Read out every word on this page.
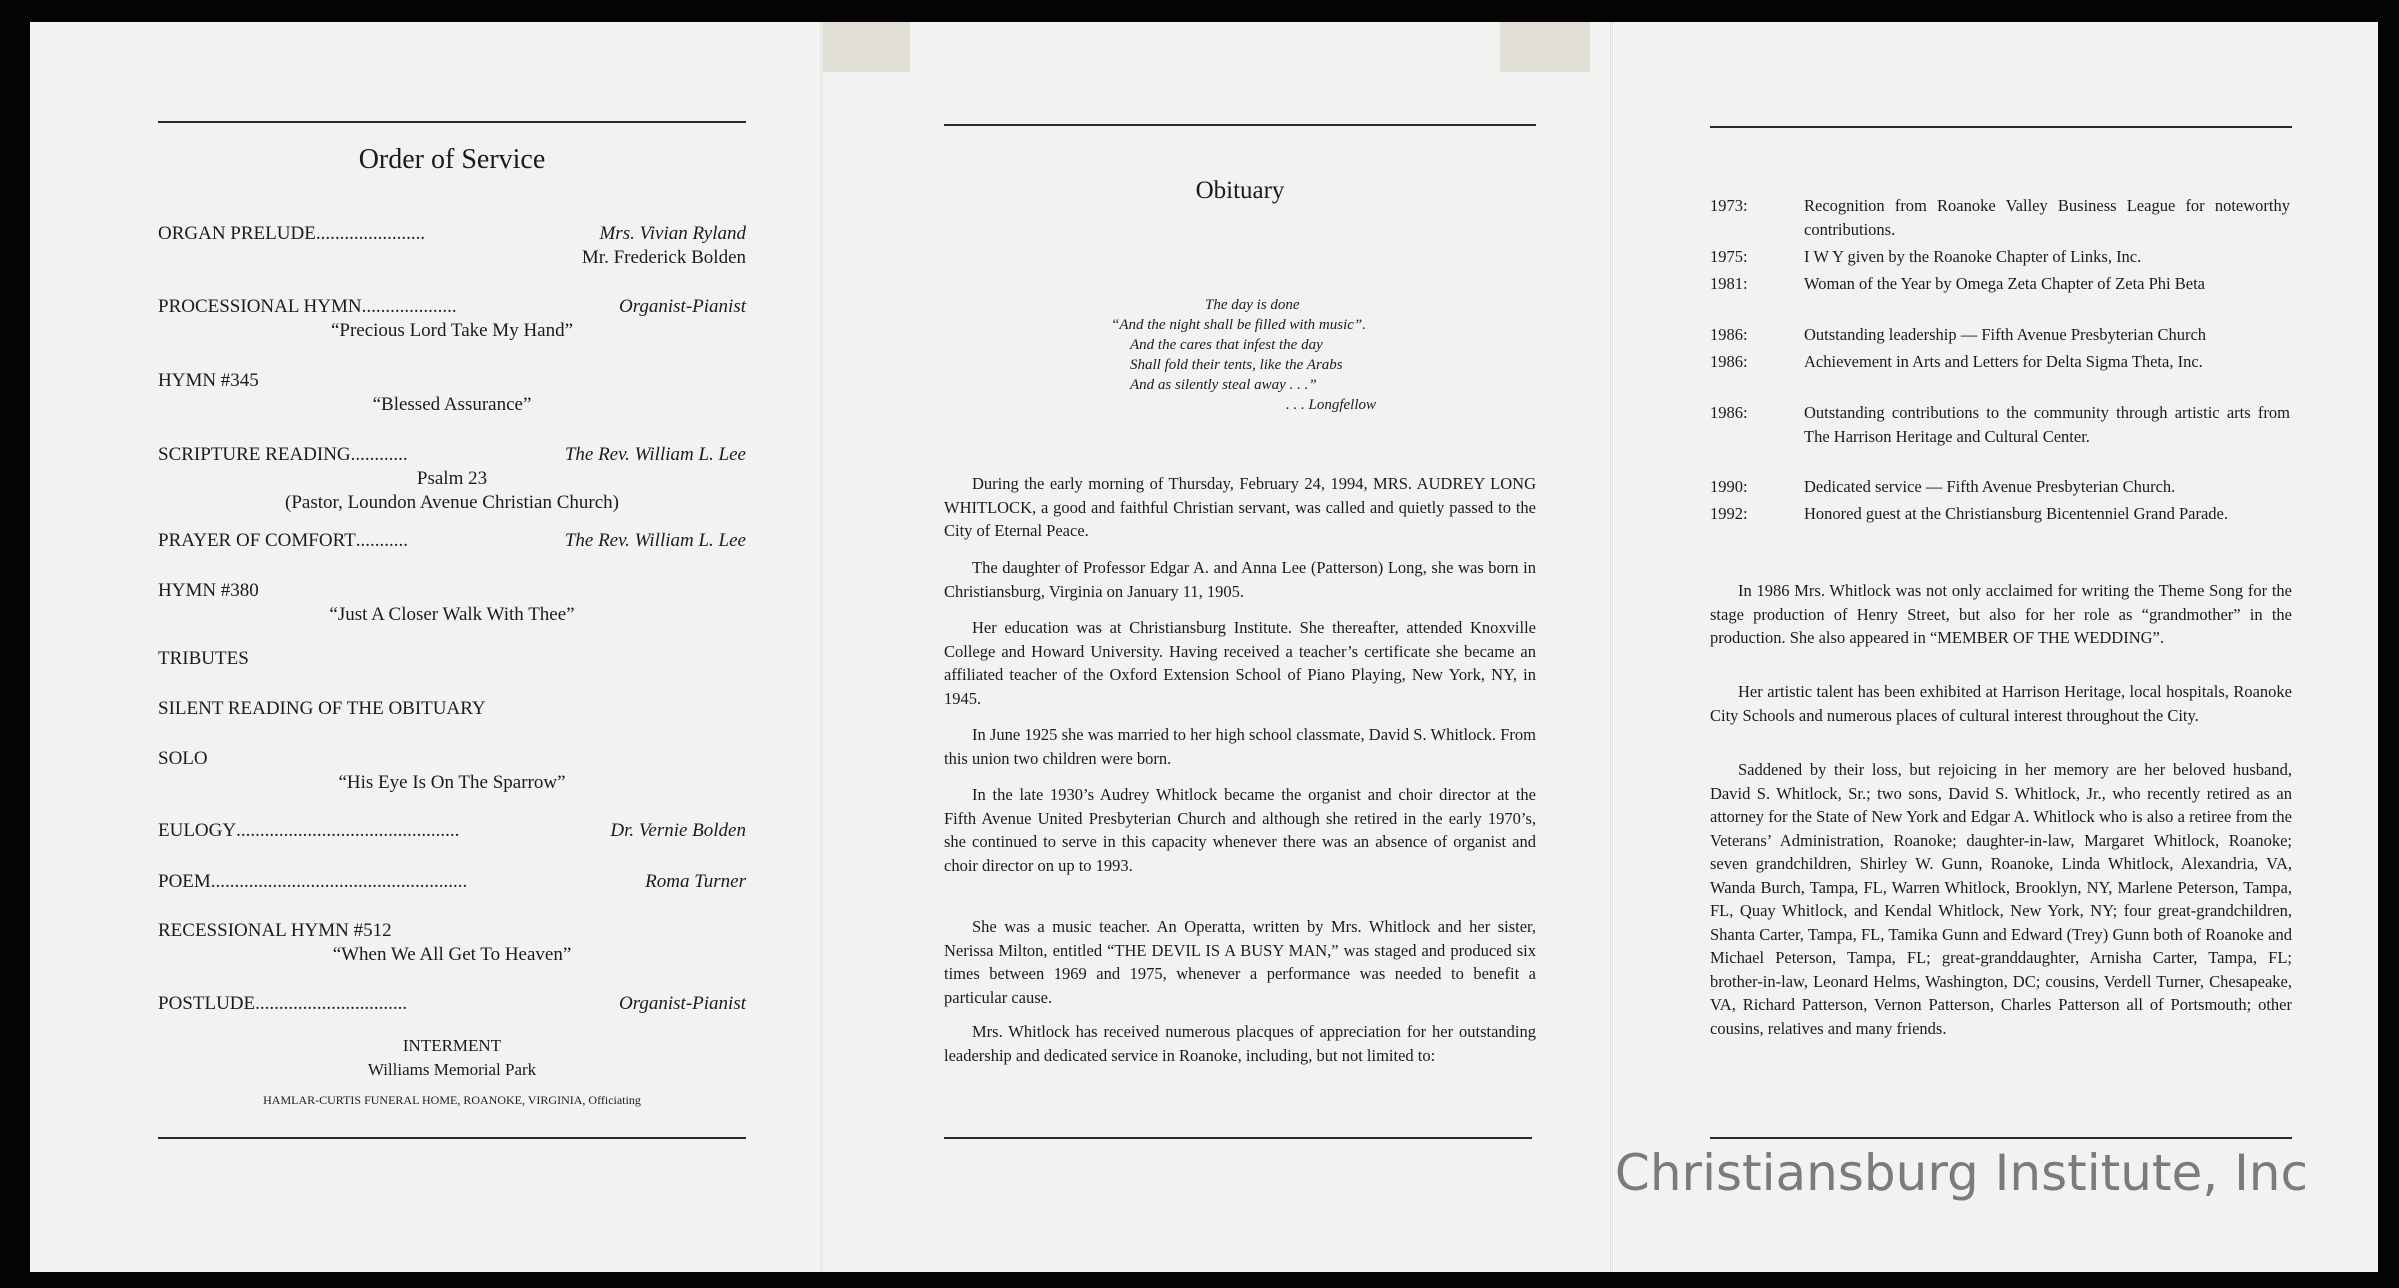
Order of Service
ORGAN PRELUDE .......................	Mrs. Vivian Ryland
Mr. Frederick Bolden
PROCESSIONAL HYMN ....................	Organist-Pianist
“Precious Lord Take My Hand”
HYMN #345
“Blessed Assurance”
SCRIPTURE READING ............	The Rev. William L. Lee
Psalm 23
(Pastor, Loundon Avenue Christian Church)
PRAYER OF COMFORT ...........	The Rev. William L. Lee
HYMN #380
“Just A Closer Walk With Thee”
TRIBUTES
SILENT READING OF THE OBITUARY
SOLO
“His Eye Is On The Sparrow”
EULOGY ...............................................	Dr. Vernie Bolden
POEM ......................................................	Roma Turner
RECESSIONAL HYMN #512
“When We All Get To Heaven”
POSTLUDE ................................	Organist-Pianist
INTERMENT
Williams Memorial Park
HAMLAR-CURTIS FUNERAL HOME, ROANOKE, VIRGINIA, Officiating
Obituary
The day is done
“And the night shall be filled with music”.
And the cares that infest the day
Shall fold their tents, like the Arabs
And as silently steal away . . .”
. . . Longfellow

During the early morning of Thursday, February 24, 1994, MRS. AUDREY LONG WHITLOCK, a good and faithful Christian servant, was called and quietly passed to the City of Eternal Peace.

The daughter of Professor Edgar A. and Anna Lee (Patterson) Long, she was born in Christiansburg, Virginia on January 11, 1905.

Her education was at Christiansburg Institute. She thereafter, attended Knoxville College and Howard University. Having received a teacher’s certificate she became an affiliated teacher of the Oxford Extension School of Piano Playing, New York, NY, in 1945.

In June 1925 she was married to her high school classmate, David S. Whitlock. From this union two children were born.

In the late 1930’s Audrey Whitlock became the organist and choir director at the Fifth Avenue United Presbyterian Church and although she retired in the early 1970’s, she continued to serve in this capacity whenever there was an absence of organist and choir director on up to 1993.

She was a music teacher. An Operatta, written by Mrs. Whitlock and her sister, Nerissa Milton, entitled “THE DEVIL IS A BUSY MAN,” was staged and produced six times between 1969 and 1975, whenever a performance was needed to benefit a particular cause.

Mrs. Whitlock has received numerous placques of appreciation for her outstanding leadership and dedicated service in Roanoke, including, but not limited to:

1973:	Recognition from Roanoke Valley Business League for noteworthy contributions.
1975:	I W Y given by the Roanoke Chapter of Links, Inc.
1981:	Woman of the Year by Omega Zeta Chapter of Zeta Phi Beta
1986:	Outstanding leadership — Fifth Avenue Presbyterian Church
1986:	Achievement in Arts and Letters for Delta Sigma Theta, Inc.
1986:	Outstanding contributions to the community through artistic arts from The Harrison Heritage and Cultural Center.
1990:	Dedicated service — Fifth Avenue Presbyterian Church.
1992:	Honored guest at the Christiansburg Bicentenniel Grand Parade.

In 1986 Mrs. Whitlock was not only acclaimed for writing the Theme Song for the stage production of Henry Street, but also for her role as “grandmother” in the production. She also appeared in “MEMBER OF THE WEDDING”.

Her artistic talent has been exhibited at Harrison Heritage, local hospitals, Roanoke City Schools and numerous places of cultural interest throughout the City.

Saddened by their loss, but rejoicing in her memory are her beloved husband, David S. Whitlock, Sr.; two sons, David S. Whitlock, Jr., who recently retired as an attorney for the State of New York and Edgar A. Whitlock who is also a retiree from the Veterans’ Administration, Roanoke; daughter-in-law, Margaret Whitlock, Roanoke; seven grandchildren, Shirley W. Gunn, Roanoke, Linda Whitlock, Alexandria, VA, Wanda Burch, Tampa, FL, Warren Whitlock, Brooklyn, NY, Marlene Peterson, Tampa, FL, Quay Whitlock, and Kendal Whitlock, New York, NY; four great-grandchildren, Shanta Carter, Tampa, FL, Tamika Gunn and Edward (Trey) Gunn both of Roanoke and Michael Peterson, Tampa, FL; great-granddaughter, Arnisha Carter, Tampa, FL; brother-in-law, Leonard Helms, Washington, DC; cousins, Verdell Turner, Chesapeake, VA, Richard Patterson, Vernon Patterson, Charles Patterson all of Portsmouth; other cousins, relatives and many friends.

Christiansburg Institute, Inc
